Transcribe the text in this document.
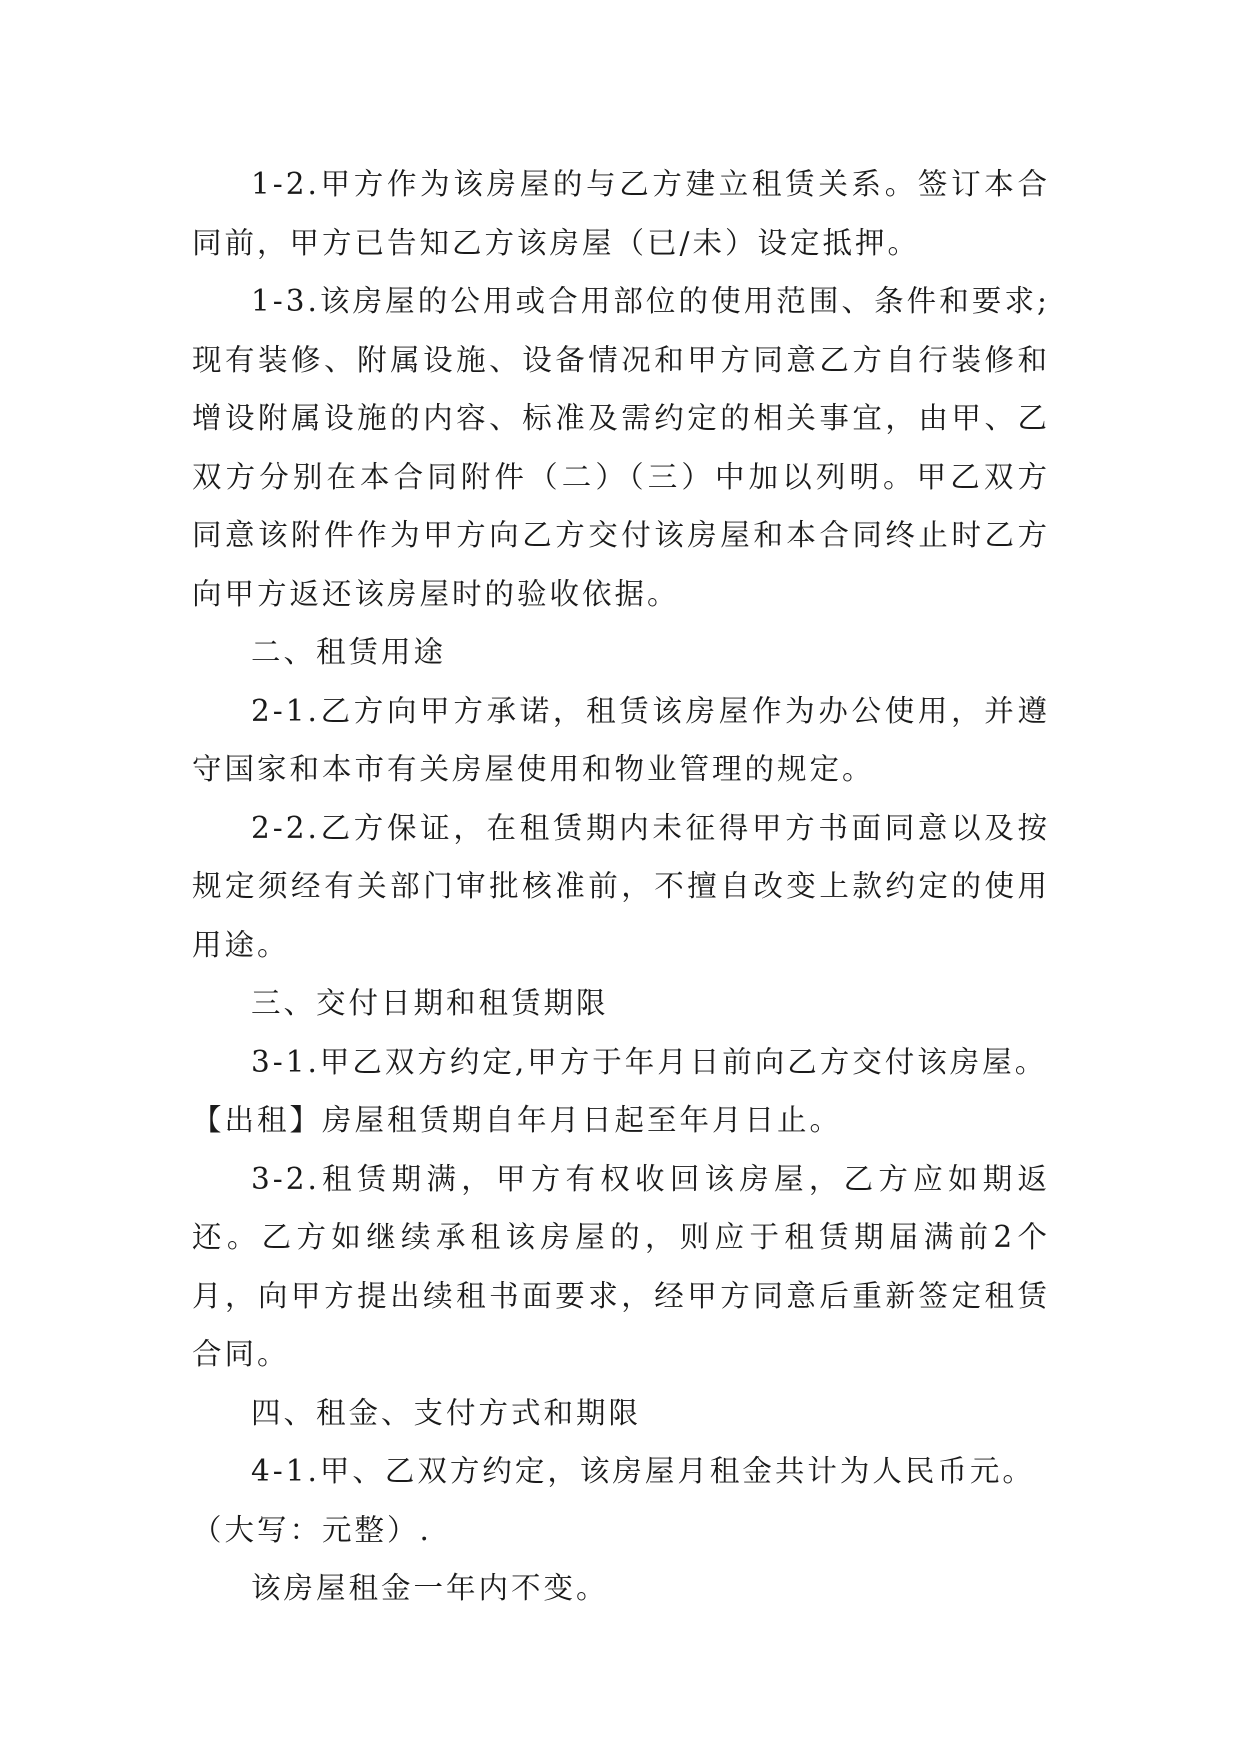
1-2.甲方作为该房屋的与乙方建立租赁关系。签订本合同前，甲方已告知乙方该房屋（已/未）设定抵押。

1-3.该房屋的公用或合用部位的使用范围、条件和要求;现有装修、附属设施、设备情况和甲方同意乙方自行装修和增设附属设施的内容、标准及需约定的相关事宜，由甲、乙双方分别在本合同附件（二）（三）中加以列明。甲乙双方同意该附件作为甲方向乙方交付该房屋和本合同终止时乙方向甲方返还该房屋时的验收依据。

二、租赁用途

2-1.乙方向甲方承诺，租赁该房屋作为办公使用，并遵守国家和本市有关房屋使用和物业管理的规定。

2-2.乙方保证，在租赁期内未征得甲方书面同意以及按规定须经有关部门审批核准前，不擅自改变上款约定的使用用途。

三、交付日期和租赁期限

3-1.甲乙双方约定,甲方于年月日前向乙方交付该房屋。

【出租】房屋租赁期自年月日起至年月日止。

3-2.租赁期满，甲方有权收回该房屋，乙方应如期返还。乙方如继续承租该房屋的，则应于租赁期届满前2个月，向甲方提出续租书面要求，经甲方同意后重新签定租赁合同。

四、租金、支付方式和期限

4-1.甲、乙双方约定，该房屋月租金共计为人民币元。

（大写：元整）.

该房屋租金一年内不变。
